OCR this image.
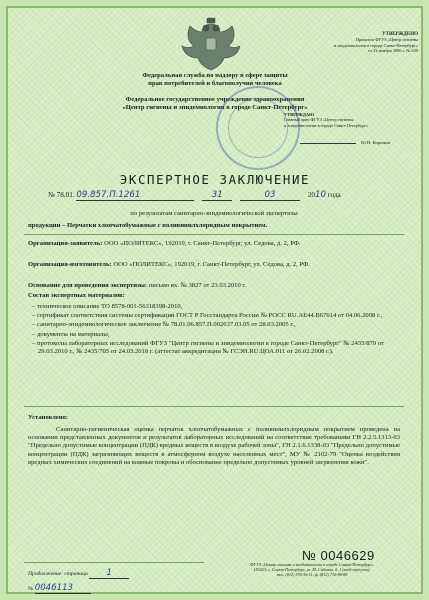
УТВЕРЖДЕНО
Приказом ФГУЗ «Центр гигиены
и эпидемиологии в городе Санкт-Петербург»
от 22 ноября 2006 г. № 630
Федеральная служба по надзору в сфере защиты
прав потребителей и благополучия человека
Федеральное государственное учреждение здравоохранения
«Центр гигиены и эпидемиологии в городе Санкт-Петербург»
УТВЕРЖДАЮ
Главный врач ФГУЗ «Центр гигиены
и эпидемиологии в городе Санкт-Петербург»
Ю.Н. Коршков
ЭКСПЕРТНОЕ ЗАКЛЮЧЕНИЕ
№ 78.01. 09.857.П.1261	31	03	2010 года
по результатам санитарно-эпидемиологической экспертизы
продукции – Перчатки хлопчатобумажные с поливинилхлоридным покрытием.
Организация-заявитель: ООО «ПОЛИТЕКС», 192019, г. Санкт-Петербург, ул. Седова, д. 2, РФ.
Организация-изготовитель: ООО «ПОЛИТЕКС», 192019, г. Санкт-Петербург, ул. Седова, д. 2, РФ.
Основание для проведения экспертизы: письмо вх. № 3827 от 23.03.2010 г.
Состав экспертных материалов:
– техническое описание ТО 8578-001-56318398-2010,
– сертификат соответствия системы сертификации ГОСТ Р Госстандарта России № РОСС RU.AE44.B67614 от 04.06.2008 г.,
– санитарно-эпидемиологическое заключение № 78.01.06.857.П.002637.03.05 от 28.03.2005 г.,
– документы на материалы,
– протоколы лабораторных исследований ФГУЗ "Центр гигиены и эпидемиологии в городе Санкт-Петербург" № 2435/879 от 29.03.2010 г., № 2435/705 от 24.03.2010 г. (аттестат аккредитации № ГСЭН.RU.ЦОА.011 от 26.02.2008 г.).
Установлено:
Санитарно-гигиеническая оценка перчаток хлопчатобумажных с поливинилхлоридным покрытием проведена на основании представленных документов и результатов лабораторных исследований на соответствие требованиям ГН 2.2.5.1313-03 "Предельно допустимые концентрации (ПДК) вредных веществ в воздухе рабочей зоны", ГН 2.1.6.1338-03 "Предельно допустимые концентрации (ПДК) загрязняющих веществ в атмосферном воздухе населенных мест", МУ № 2102-79 "Оценка воздействия вредных химических соединений на кожные покровы и обоснование предельно допустимых уровней загрязнения кожи".
№ 0046629
Продолжение: страница 1
№ 0046113
ФГУЗ «Центр гигиены и эпидемиологии в городе Санкт-Петербург»
191023, г. Санкт-Петербург, ул. М. Садовая, д. 1 (вход переулок),
тел. (812) 570-36-11, ф. (812) 710-86-88
